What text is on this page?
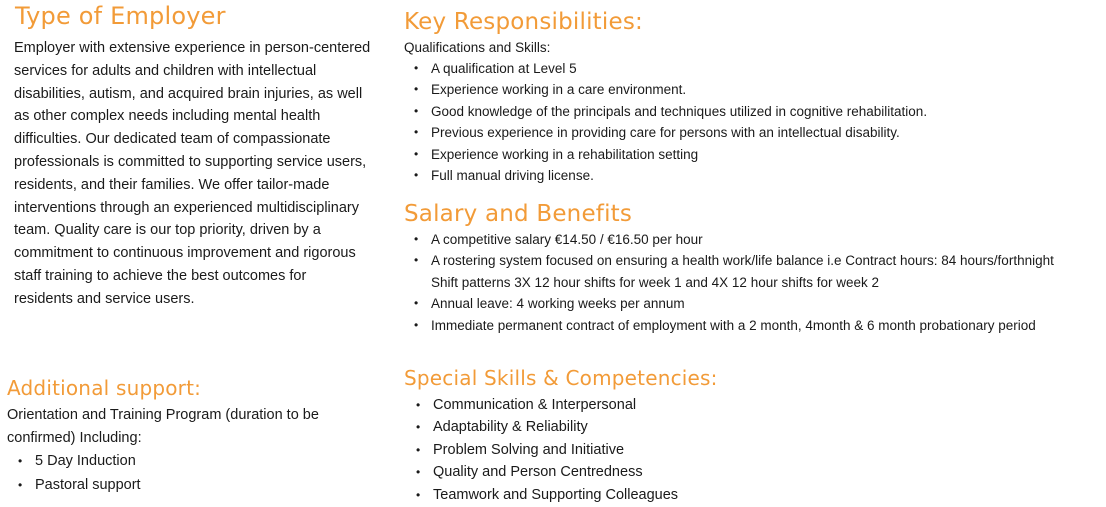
Type of Employer
Employer with extensive experience in person-centered
services for adults and children with intellectual
disabilities, autism, and acquired brain injuries, as well
as other complex needs including mental health
difficulties. Our dedicated team of compassionate
professionals is committed to supporting service users,
residents, and their families. We offer tailor-made
interventions through an experienced multidisciplinary
team. Quality care is our top priority, driven by a
commitment to continuous improvement and rigorous
staff training to achieve the best outcomes for
residents and service users.
Additional support:
Orientation and Training Program (duration to be
confirmed) Including:
• 5 Day Induction
• Pastoral support
Key Responsibilities:
Qualifications and Skills:
• A qualification at Level 5
• Experience working in a care environment.
• Good knowledge of the principals and techniques utilized in cognitive rehabilitation.
• Previous experience in providing care for persons with an intellectual disability.
• Experience working in a rehabilitation setting
• Full manual driving license.
Salary and Benefits
• A competitive salary €14.50 / €16.50 per hour
• A rostering system focused on ensuring a health work/life balance i.e Contract hours: 84 hours/forthnight
Shift patterns 3X 12 hour shifts for week 1 and 4X 12 hour shifts for week 2
• Annual leave: 4 working weeks per annum
• Immediate permanent contract of employment with a 2 month, 4month & 6 month probationary period
Special Skills & Competencies:
• Communication & Interpersonal
• Adaptability & Reliability
• Problem Solving and Initiative
• Quality and Person Centredness
• Teamwork and Supporting Colleagues
